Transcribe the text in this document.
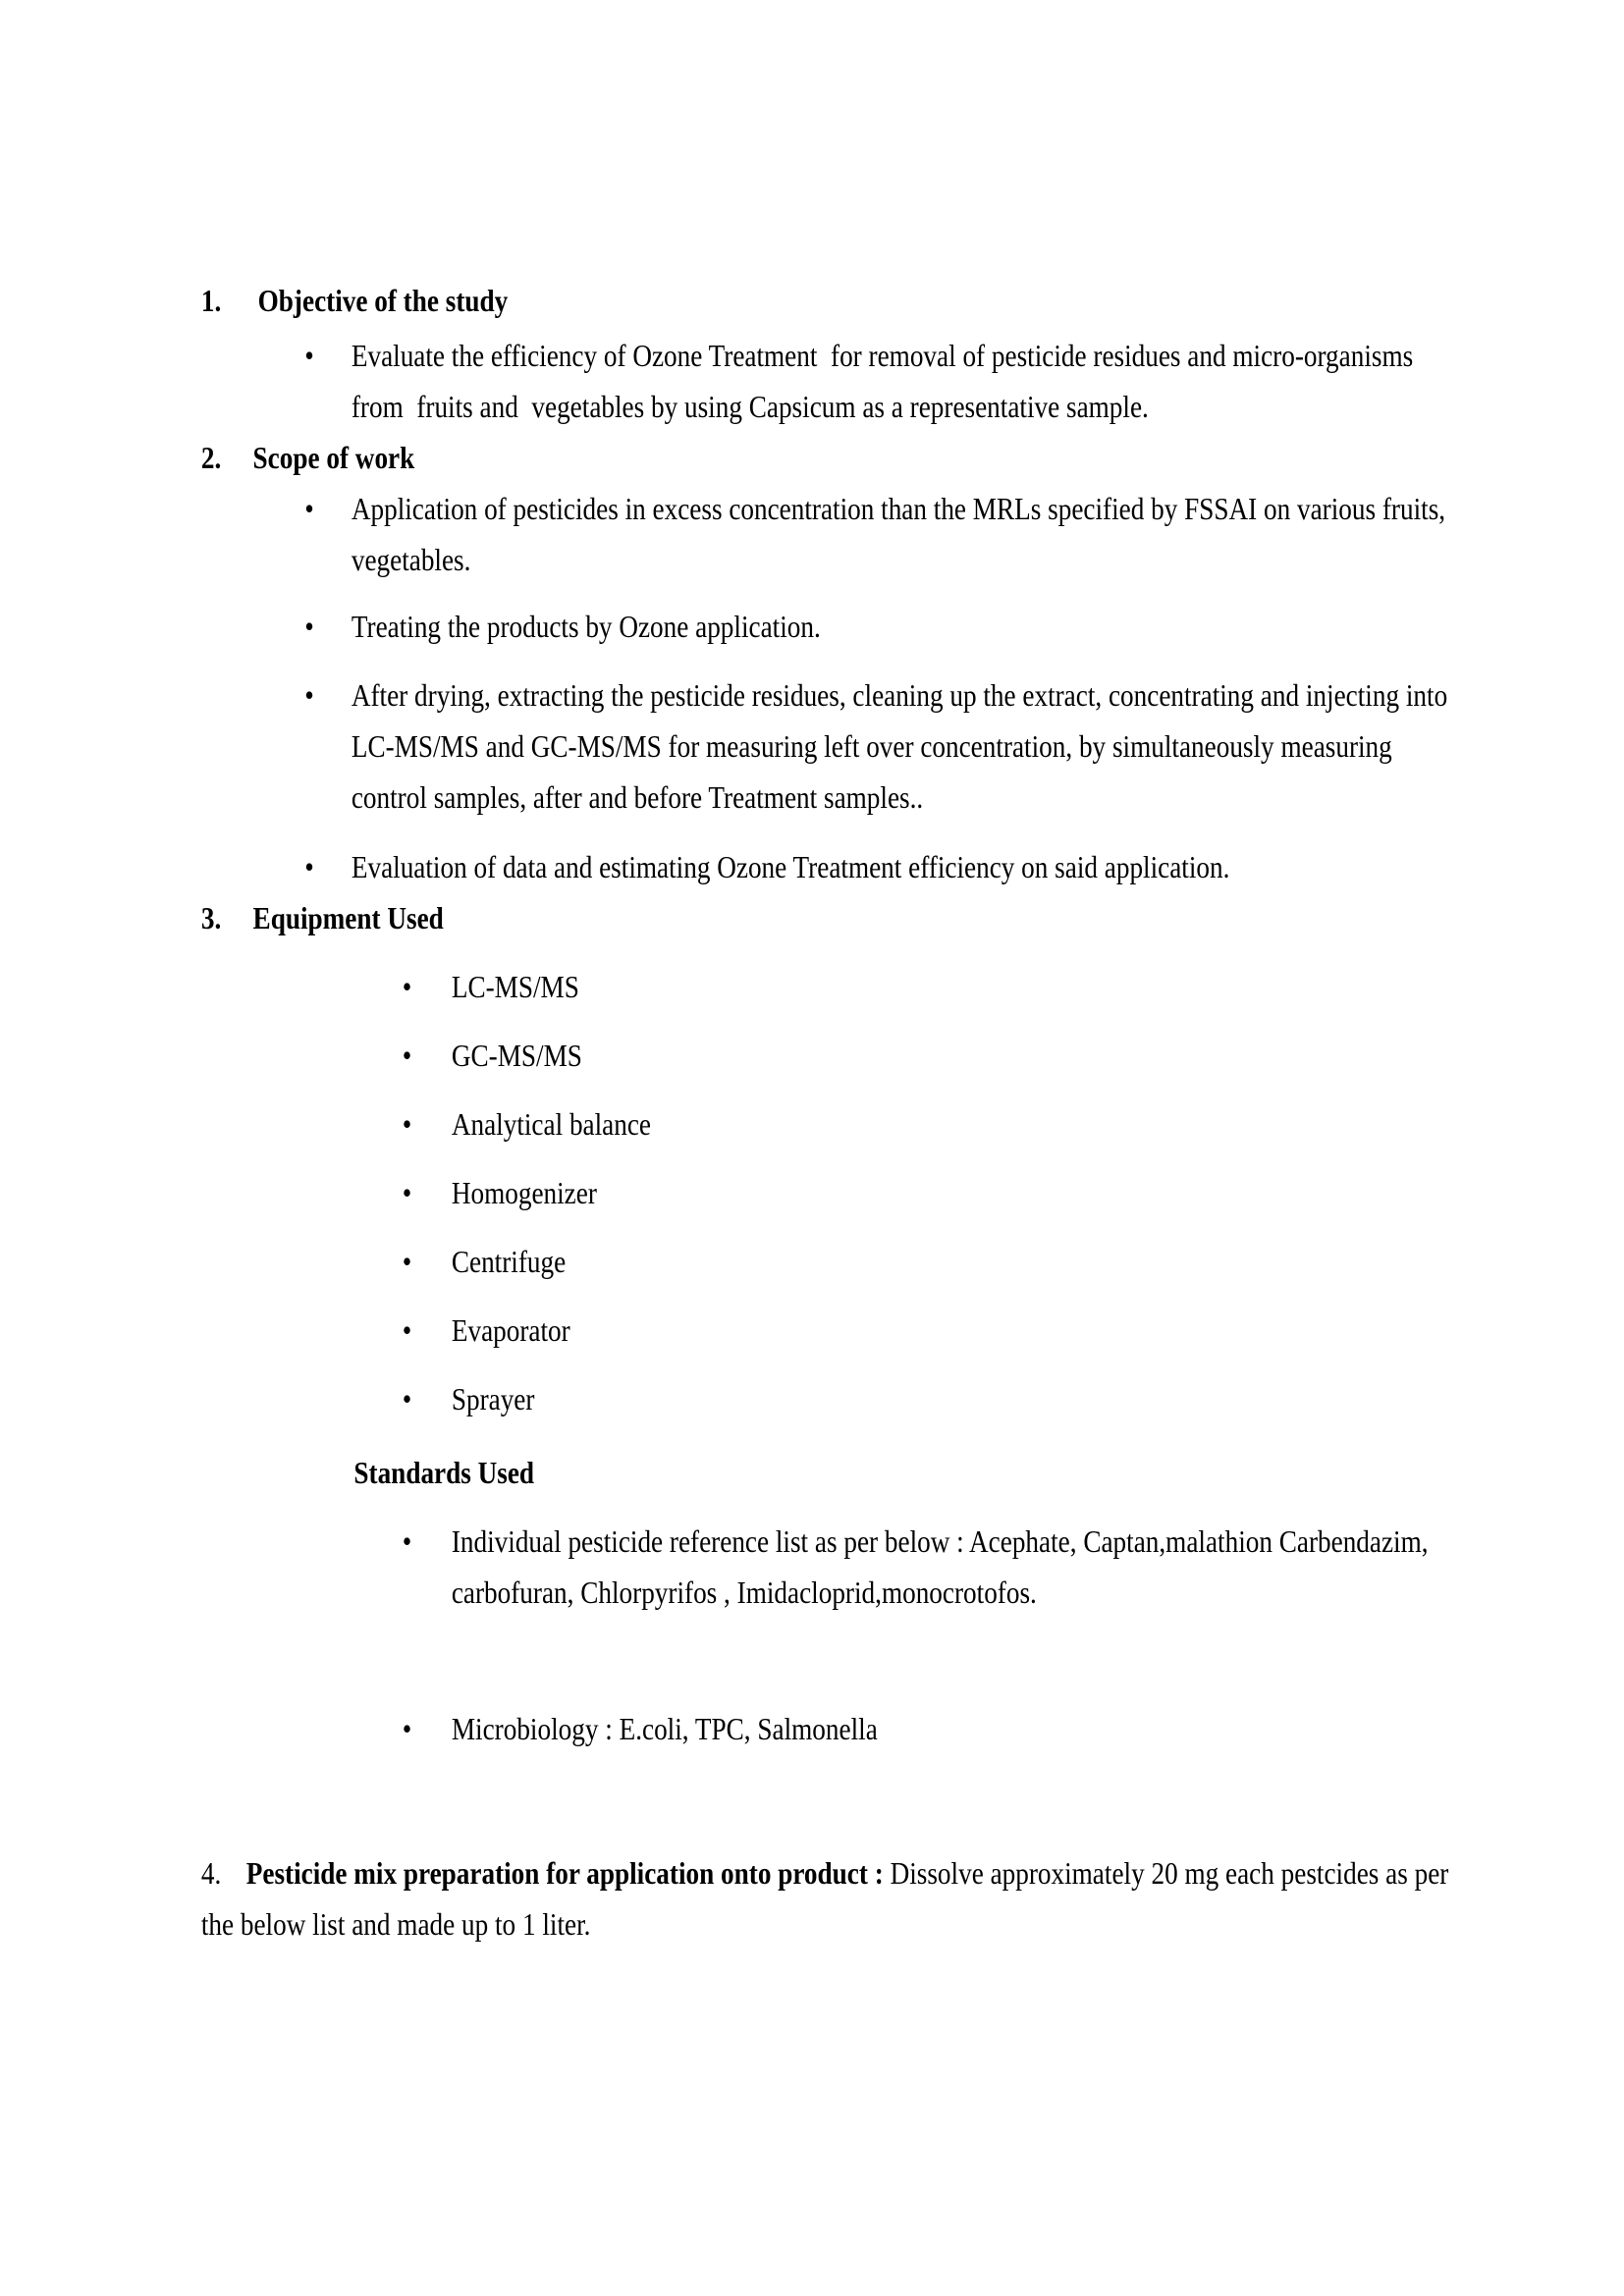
1.	Objective of the study
•	Evaluate the efficiency of Ozone Treatment  for removal of pesticide residues and micro-organisms from  fruits and  vegetables by using Capsicum as a representative sample.
2.	Scope of work
•	Application of pesticides in excess concentration than the MRLs specified by FSSAI on various fruits, vegetables.
•	Treating the products by Ozone application.
•	After drying, extracting the pesticide residues, cleaning up the extract, concentrating and injecting into LC-MS/MS and GC-MS/MS for measuring left over concentration, by simultaneously measuring control samples, after and before Treatment samples..
•	Evaluation of data and estimating Ozone Treatment efficiency on said application.
3.	Equipment Used
•	LC-MS/MS
•	GC-MS/MS
•	Analytical balance
•	Homogenizer
•	Centrifuge
•	Evaporator
•	Sprayer
Standards Used
•	Individual pesticide reference list as per below : Acephate, Captan,malathion Carbendazim, carbofuran, Chlorpyrifos , Imidacloprid,monocrotofos.
•	Microbiology : E.coli, TPC, Salmonella

4. Pesticide mix preparation for application onto product : Dissolve approximately 20 mg each pestcides as per the below list and made up to 1 liter.
